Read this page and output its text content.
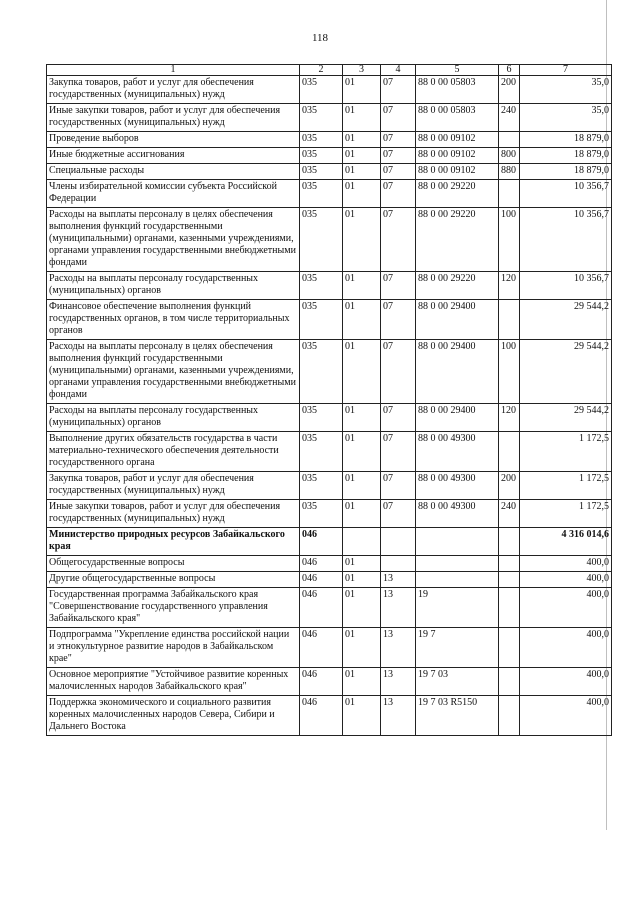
118
1	2	3	4	5	6	7
Закупка товаров, работ и услуг для обеспечения государственных (муниципальных) нужд	035	01	07	88 0 00 05803	200	35,0
Иные закупки товаров, работ и услуг для обеспечения государственных (муниципальных) нужд	035	01	07	88 0 00 05803	240	35,0
Проведение выборов	035	01	07	88 0 00 09102		18 879,0
Иные бюджетные ассигнования	035	01	07	88 0 00 09102	800	18 879,0
Специальные расходы	035	01	07	88 0 00 09102	880	18 879,0
Члены избирательной комиссии субъекта Российской Федерации	035	01	07	88 0 00 29220		10 356,7
Расходы на выплаты персоналу в целях обеспечения выполнения функций государственными (муниципальными) органами, казенными учреждениями, органами управления государственными внебюджетными фондами	035	01	07	88 0 00 29220	100	10 356,7
Расходы на выплаты персоналу государственных (муниципальных) органов	035	01	07	88 0 00 29220	120	10 356,7
Финансовое обеспечение выполнения функций государственных органов, в том числе территориальных органов	035	01	07	88 0 00 29400		29 544,2
Расходы на выплаты персоналу в целях обеспечения выполнения функций государственными (муниципальными) органами, казенными учреждениями, органами управления государственными внебюджетными фондами	035	01	07	88 0 00 29400	100	29 544,2
Расходы на выплаты персоналу государственных (муниципальных) органов	035	01	07	88 0 00 29400	120	29 544,2
Выполнение других обязательств государства в части материально-технического обеспечения деятельности государственного органа	035	01	07	88 0 00 49300		1 172,5
Закупка товаров, работ и услуг для обеспечения государственных (муниципальных) нужд	035	01	07	88 0 00 49300	200	1 172,5
Иные закупки товаров, работ и услуг для обеспечения государственных (муниципальных) нужд	035	01	07	88 0 00 49300	240	1 172,5
Министерство природных ресурсов Забайкальского края	046					4 316 014,6
Общегосударственные вопросы	046	01				400,0
Другие общегосударственные вопросы	046	01	13			400,0
Государственная программа Забайкальского края "Совершенствование государственного управления Забайкальского края"	046	01	13	19		400,0
Подпрограмма "Укрепление единства российской нации и этнокультурное развитие народов в Забайкальском крае"	046	01	13	19 7		400,0
Основное мероприятие "Устойчивое развитие коренных малочисленных народов Забайкальского края"	046	01	13	19 7 03		400,0
Поддержка экономического и социального развития коренных малочисленных народов Севера, Сибири и Дальнего Востока	046	01	13	19 7 03 R5150		400,0
